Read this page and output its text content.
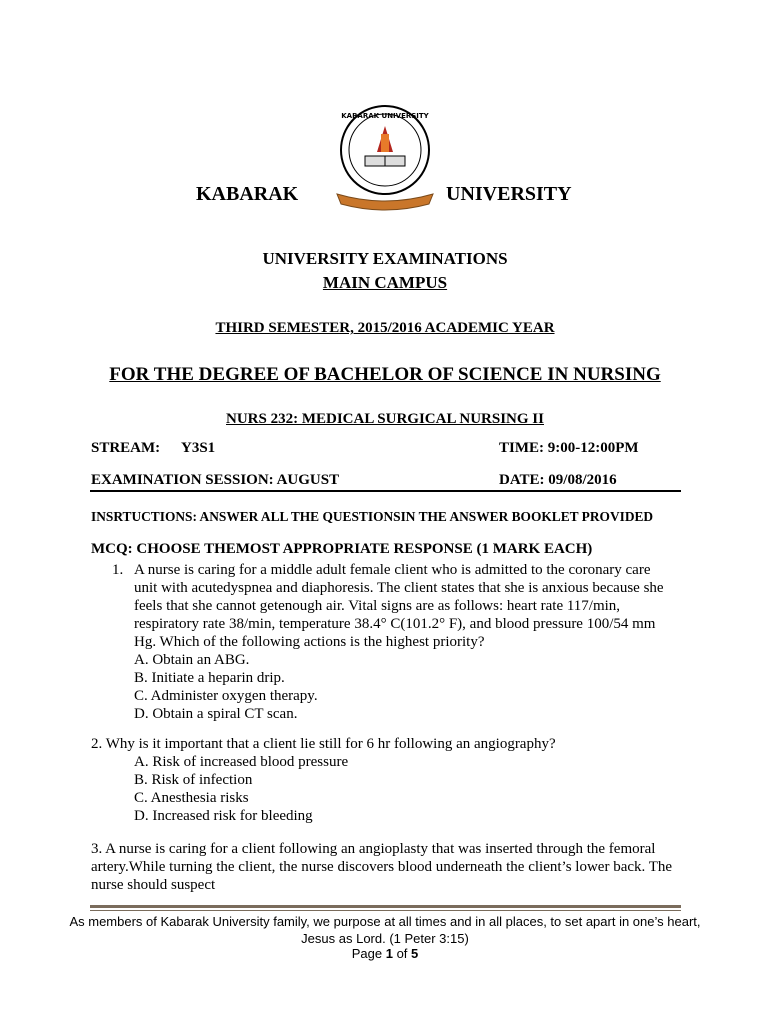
KABARAK UNIVERSITY
KABARAK	UNIVERSITY
UNIVERSITY EXAMINATIONS
MAIN CAMPUS
THIRD SEMESTER, 2015/2016 ACADEMIC YEAR
FOR THE DEGREE OF BACHELOR OF SCIENCE IN NURSING
NURS 232: MEDICAL SURGICAL NURSING II
STREAM: Y3S1	TIME: 9:00-12:00PM
EXAMINATION SESSION: AUGUST	DATE: 09/08/2016
INSRTUCTIONS: ANSWER ALL THE QUESTIONSIN THE ANSWER BOOKLET PROVIDED
MCQ: CHOOSE THEMOST APPROPRIATE RESPONSE (1 MARK EACH)
1. A nurse is caring for a middle adult female client who is admitted to the coronary care
unit with acutedyspnea and diaphoresis. The client states that she is anxious because she
feels that she cannot getenough air. Vital signs are as follows: heart rate 117/min,
respiratory rate 38/min, temperature 38.4° C(101.2° F), and blood pressure 100/54 mm
Hg. Which of the following actions is the highest priority?
A. Obtain an ABG.
B. Initiate a heparin drip.
C. Administer oxygen therapy.
D. Obtain a spiral CT scan.
2. Why is it important that a client lie still for 6 hr following an angiography?
A. Risk of increased blood pressure
B. Risk of infection
C. Anesthesia risks
D. Increased risk for bleeding
3. A nurse is caring for a client following an angioplasty that was inserted through the femoral
artery.While turning the client, the nurse discovers blood underneath the client’s lower back. The
nurse should suspect
As members of Kabarak University family, we purpose at all times and in all places, to set apart in one’s heart,
Jesus as Lord. (1 Peter 3:15)
Page 1 of 5
